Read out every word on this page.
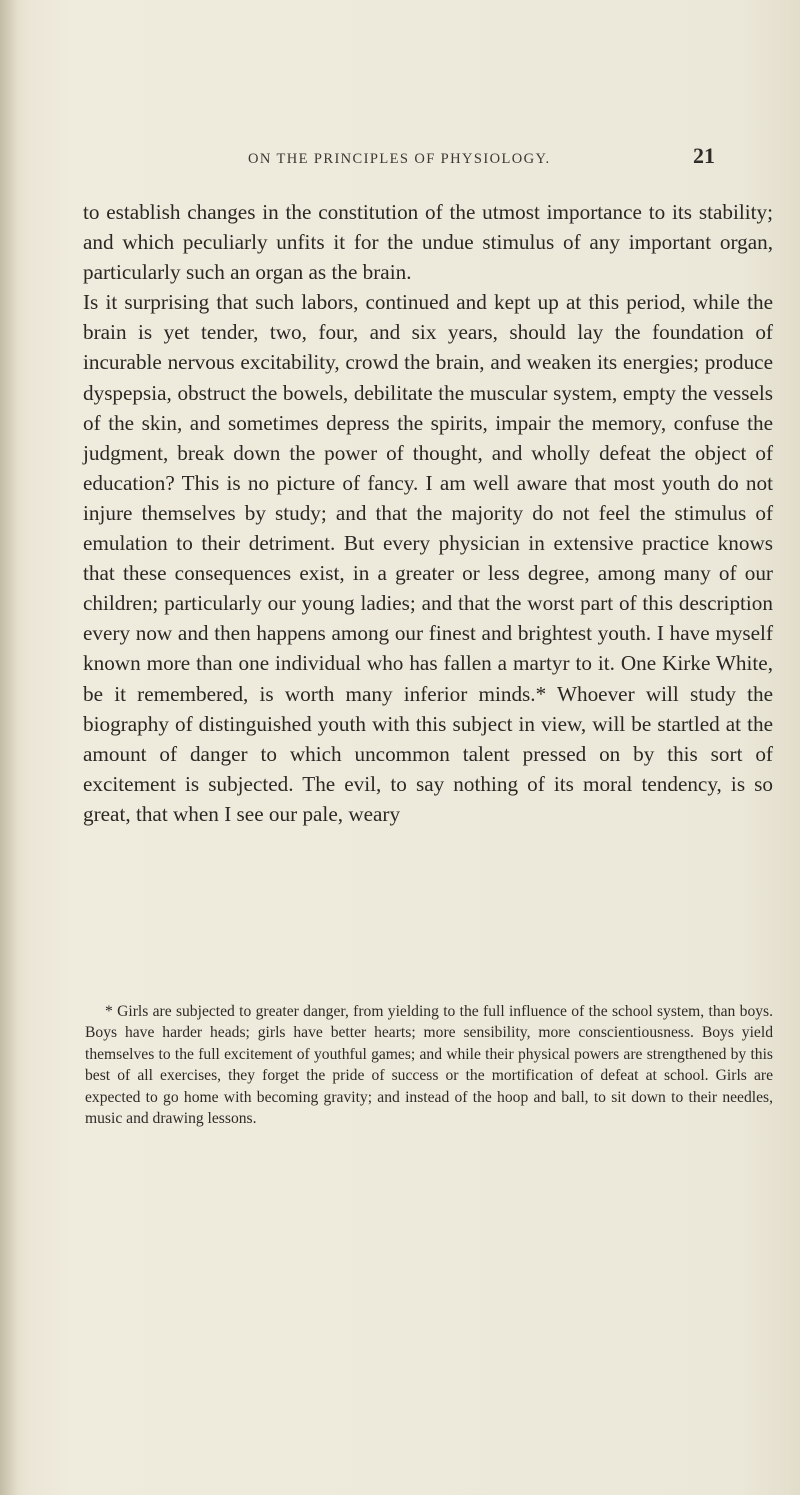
ON THE PRINCIPLES OF PHYSIOLOGY.	21

to establish changes in the constitution of the utmost importance to its stability; and which peculiarly unfits it for the undue stimulus of any important organ, particularly such an organ as the brain.

Is it surprising that such labors, continued and kept up at this period, while the brain is yet tender, two, four, and six years, should lay the foundation of incurable nervous excitability, crowd the brain, and weaken its energies; produce dyspepsia, obstruct the bowels, debilitate the muscular system, empty the vessels of the skin, and sometimes depress the spirits, impair the memory, confuse the judgment, break down the power of thought, and wholly defeat the object of education? This is no picture of fancy. I am well aware that most youth do not injure themselves by study; and that the majority do not feel the stimulus of emulation to their detriment. But every physician in extensive practice knows that these consequences exist, in a greater or less degree, among many of our children; particularly our young ladies; and that the worst part of this description every now and then happens among our finest and brightest youth. I have myself known more than one individual who has fallen a martyr to it. One Kirke White, be it remembered, is worth many inferior minds.* Whoever will study the biography of distinguished youth with this subject in view, will be startled at the amount of danger to which uncommon talent pressed on by this sort of excitement is subjected. The evil, to say nothing of its moral tendency, is so great, that when I see our pale, weary

* Girls are subjected to greater danger, from yielding to the full influence of the school system, than boys. Boys have harder heads; girls have better hearts; more sensibility, more conscientiousness. Boys yield themselves to the full excitement of youthful games; and while their physical powers are strengthened by this best of all exercises, they forget the pride of success or the mortification of defeat at school. Girls are expected to go home with becoming gravity; and instead of the hoop and ball, to sit down to their needles, music and drawing lessons.
